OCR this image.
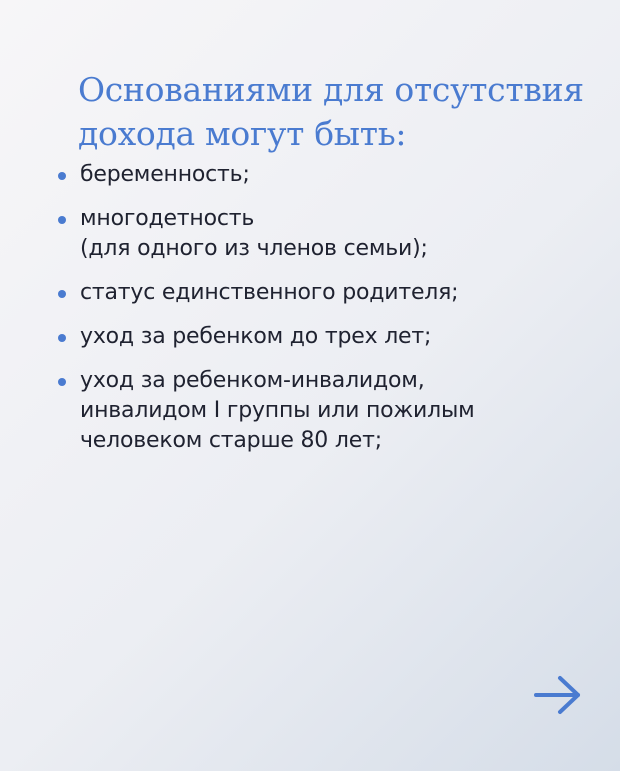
Основаниями для отсутствия
дохода могут быть:
беременность;
многодетность
(для одного из членов семьи);
статус единственного родителя;
уход за ребенком до трех лет;
уход за ребенком-инвалидом,
инвалидом I группы или пожилым
человеком старше 80 лет;
